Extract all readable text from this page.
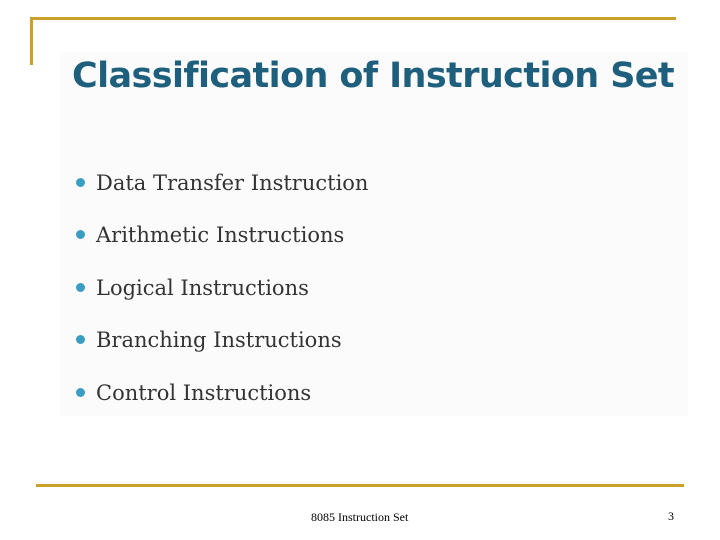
Classification of Instruction Set
Data Transfer Instruction
Arithmetic Instructions
Logical Instructions
Branching Instructions
Control Instructions
8085 Instruction Set	3
